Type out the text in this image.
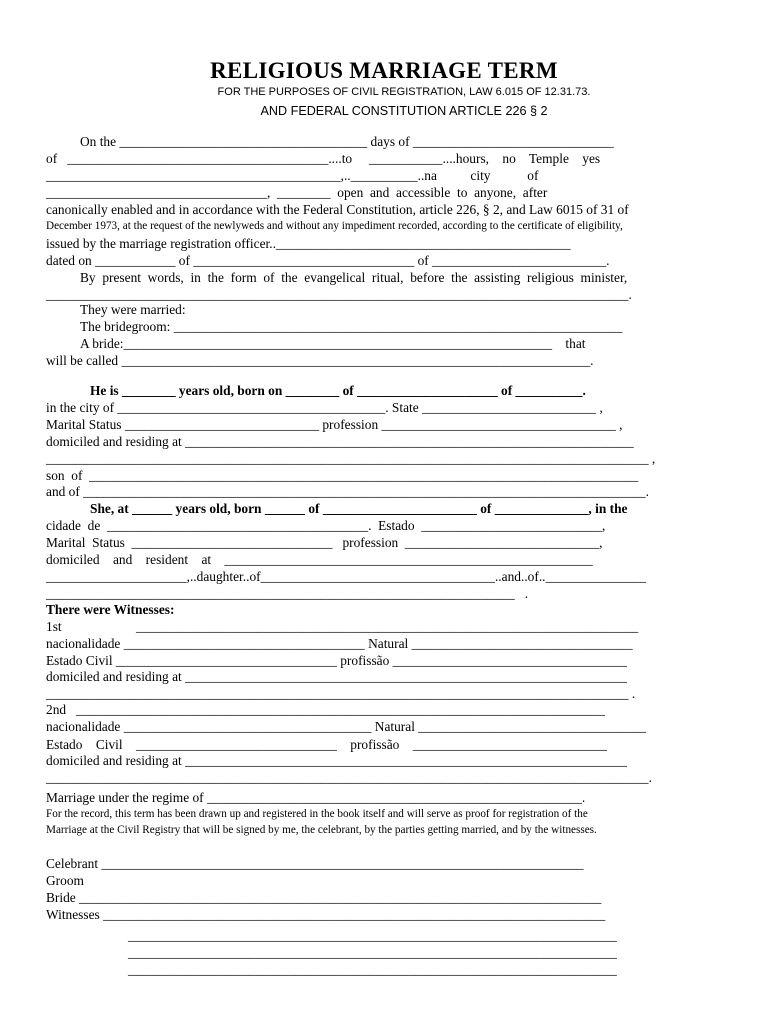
RELIGIOUS MARRIAGE TERM
FOR THE PURPOSES OF CIVIL REGISTRATION, LAW 6.015 OF 12.31.73.
AND FEDERAL CONSTITUTION ARTICLE 226 § 2
On the _____________________________________ days of ______________________________
of   _______________________________________....to     ___________....hours,    no    Temple    yes
____________________________________________,..__________..na          city           of
_________________________________,  ________  open  and  accessible  to  anyone,  after
canonically enabled and in accordance with the Federal Constitution, article 226, § 2, and Law 6015 of 31 of
December 1973, at the request of the newlyweds and without any impediment recorded, according to the certificate of eligibility,
issued by the marriage registration officer..____________________________________________
dated on ____________ of _________________________________ of __________________________.
By  present  words,  in  the  form  of  the  evangelical  ritual,  before  the  assisting  religious  minister,
_______________________________________________________________________________________.
They were married:
The bridegroom: ___________________________________________________________________
A bride:________________________________________________________________    that
will be called ______________________________________________________________________.
He is ________ years old, born on ________ of _____________________ of __________.
in the city of ________________________________________. State __________________________ ,
Marital Status _____________________________ profession ___________________________________ ,
domiciled and residing at ___________________________________________________________________
__________________________________________________________________________________________ ,
son  of  __________________________________________________________________________________
and of ____________________________________________________________________________________.
She, at ______ years old, born ______ of _______________________ of ______________, in the
cidade  de  _______________________________________.  Estado  ___________________________,
Marital  Status  ______________________________   profession  _____________________________,
domiciled    and    resident    at    _______________________________________________________
_____________________,..daughter..of___________________________________..and..of.._______________
______________________________________________________________________   .
There were Witnesses:
1st	___________________________________________________________________________
nacionalidade ____________________________________ Natural _________________________________
Estado Civil _________________________________ profissão ___________________________________
domiciled and residing at __________________________________________________________________
_______________________________________________________________________________________ .
2nd _______________________________________________________________________________
nacionalidade _____________________________________ Natural __________________________________
Estado    Civil    ______________________________    profissão    _____________________________
domiciled and residing at __________________________________________________________________
__________________________________________________________________________________________.
Marriage under the regime of ________________________________________________________.
For the record, this term has been drawn up and registered in the book itself and will serve as proof for registration of the
Marriage at the Civil Registry that will be signed by me, the celebrant, by the parties getting married, and by the witnesses.
Celebrant ________________________________________________________________________
Groom
Bride ______________________________________________________________________________
Witnesses ___________________________________________________________________________
_________________________________________________________________________
_________________________________________________________________________
_________________________________________________________________________
